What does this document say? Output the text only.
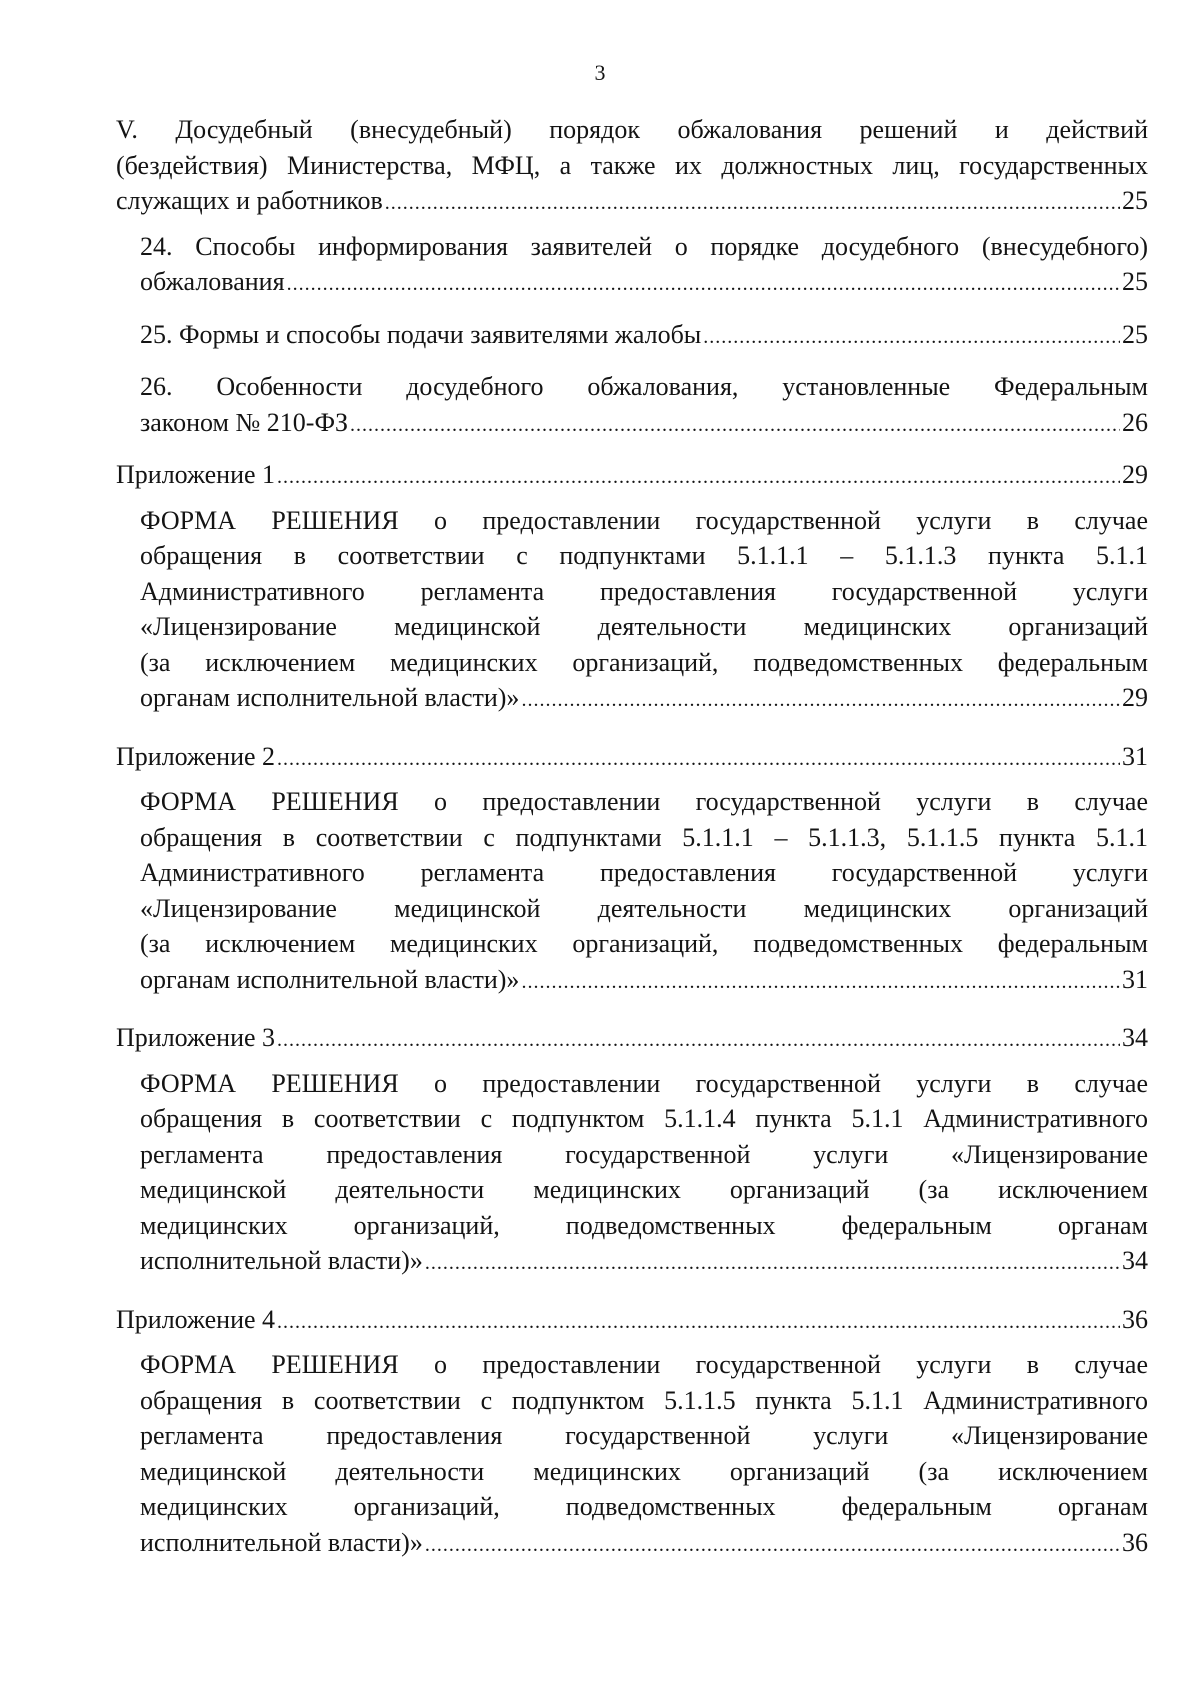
3
V. Досудебный (внесудебный) порядок обжалования решений и действий
(бездействия) Министерства, МФЦ, а также их должностных лиц, государственных
служащих и работников .....	25
24. Способы информирования заявителей о порядке досудебного (внесудебного)
обжалования .....	25
25. Формы и способы подачи заявителями жалобы .....	25
26. Особенности досудебного обжалования, установленные Федеральным
законом № 210-ФЗ .....	26
Приложение 1 .....	29
ФОРМА РЕШЕНИЯ о предоставлении государственной услуги в случае
обращения в соответствии с подпунктами 5.1.1.1 – 5.1.1.3 пункта 5.1.1
Административного регламента предоставления государственной услуги
«Лицензирование медицинской деятельности медицинских организаций
(за исключением медицинских организаций, подведомственных федеральным
органам исполнительной власти)» .....	29
Приложение 2 .....	31
ФОРМА РЕШЕНИЯ о предоставлении государственной услуги в случае
обращения в соответствии с подпунктами 5.1.1.1 – 5.1.1.3, 5.1.1.5 пункта 5.1.1
Административного регламента предоставления государственной услуги
«Лицензирование медицинской деятельности медицинских организаций
(за исключением медицинских организаций, подведомственных федеральным
органам исполнительной власти)» .....	31
Приложение 3 .....	34
ФОРМА РЕШЕНИЯ о предоставлении государственной услуги в случае
обращения в соответствии с подпунктом 5.1.1.4 пункта 5.1.1 Административного
регламента предоставления государственной услуги «Лицензирование
медицинской деятельности медицинских организаций (за исключением
медицинских организаций, подведомственных федеральным органам
исполнительной власти)» .....	34
Приложение 4 .....	36
ФОРМА РЕШЕНИЯ о предоставлении государственной услуги в случае
обращения в соответствии с подпунктом 5.1.1.5 пункта 5.1.1 Административного
регламента предоставления государственной услуги «Лицензирование
медицинской деятельности медицинских организаций (за исключением
медицинских организаций, подведомственных федеральным органам
исполнительной власти)» .....	36
